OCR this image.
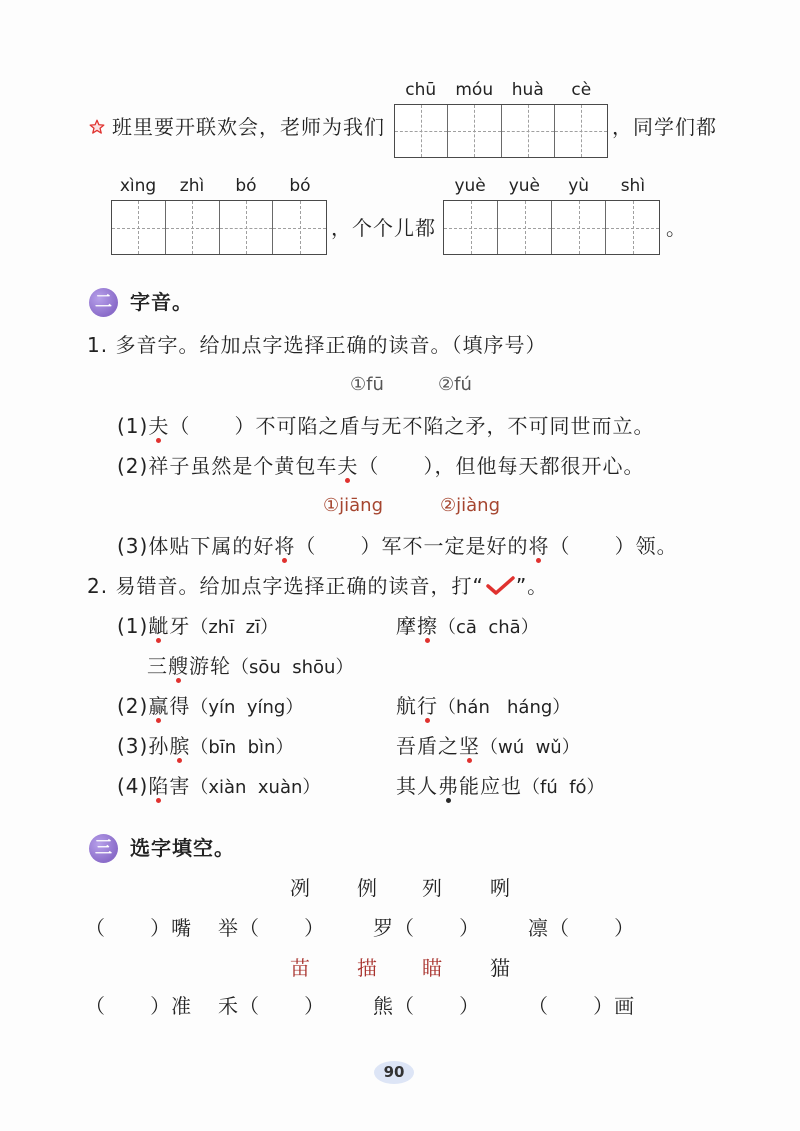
班里要开联欢会，老师为我们
chū	móu	huà	cè
，同学们都
xìng	zhì	bó	bó
，个个儿都
yuè	yuè	yù	shì
。
二 字音。
1. 多音字。给加点字选择正确的读音。（填序号）
①fū	②fú
(1)夫（      ）不可陷之盾与无不陷之矛，不可同世而立。
(2)祥子虽然是个黄包车夫（      ），但他每天都很开心。
①jiāng	②jiàng
(3)体贴下属的好将（      ）军不一定是好的将（      ）领。
2. 易错音。给加点字选择正确的读音，打“ ”。
(1)龇牙（zhī  zī）	摩擦（cā  chā）
三艘游轮（sōu  shōu）
(2)赢得（yín  yíng）	航行（hán   háng）
(3)孙膑（bīn  bìn）	吾盾之坚（wú  wǔ）
(4)陷害（xiàn  xuàn）	其人弗能应也（fú  fó）
三 选字填空。
冽 例 列 咧
（      ）嘴 举（      ） 罗（      ） 凛（      ）
苗 描 瞄 猫
（      ）准 禾（      ） 熊（      ） （      ）画
90
